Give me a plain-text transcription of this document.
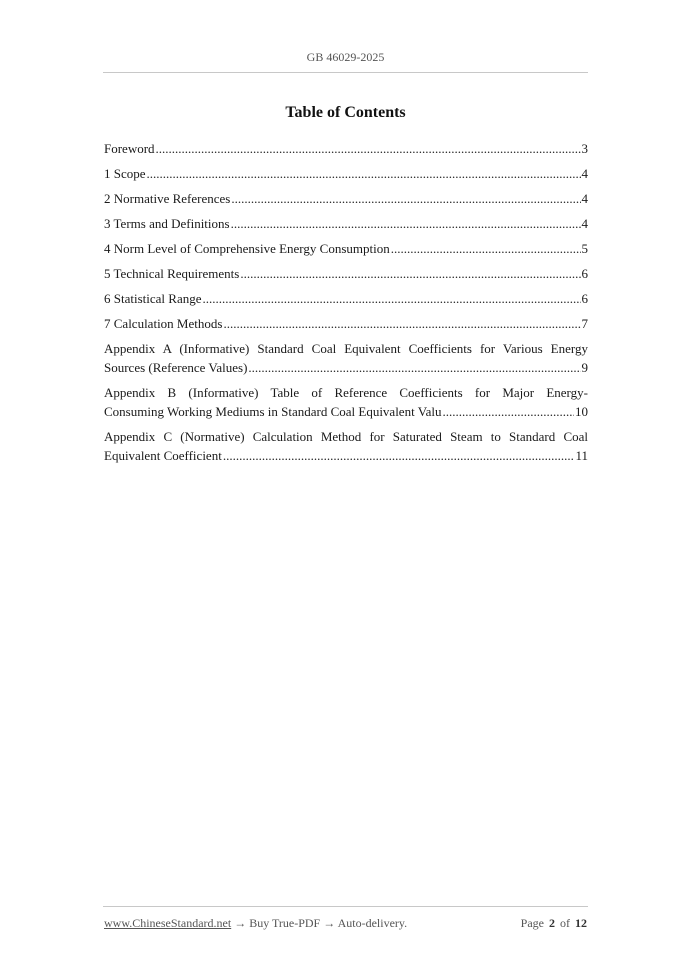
GB 46029-2025
Table of Contents
Foreword .....	3
1 Scope .....	4
2 Normative References .....	4
3 Terms and Definitions .....	4
4 Norm Level of Comprehensive Energy Consumption .....	5
5 Technical Requirements .....	6
6 Statistical Range .....	6
7 Calculation Methods .....	7
Appendix A (Informative) Standard Coal Equivalent Coefficients for Various Energy
Sources (Reference Values) .....	9
Appendix B (Informative) Table of Reference Coefficients for Major Energy-
Consuming Working Mediums in Standard Coal Equivalent Valu .....	10
Appendix C (Normative) Calculation Method for Saturated Steam to Standard Coal
Equivalent Coefficient .....	11
www.ChineseStandard.net → Buy True-PDF → Auto-delivery.	Page 2 of 12
